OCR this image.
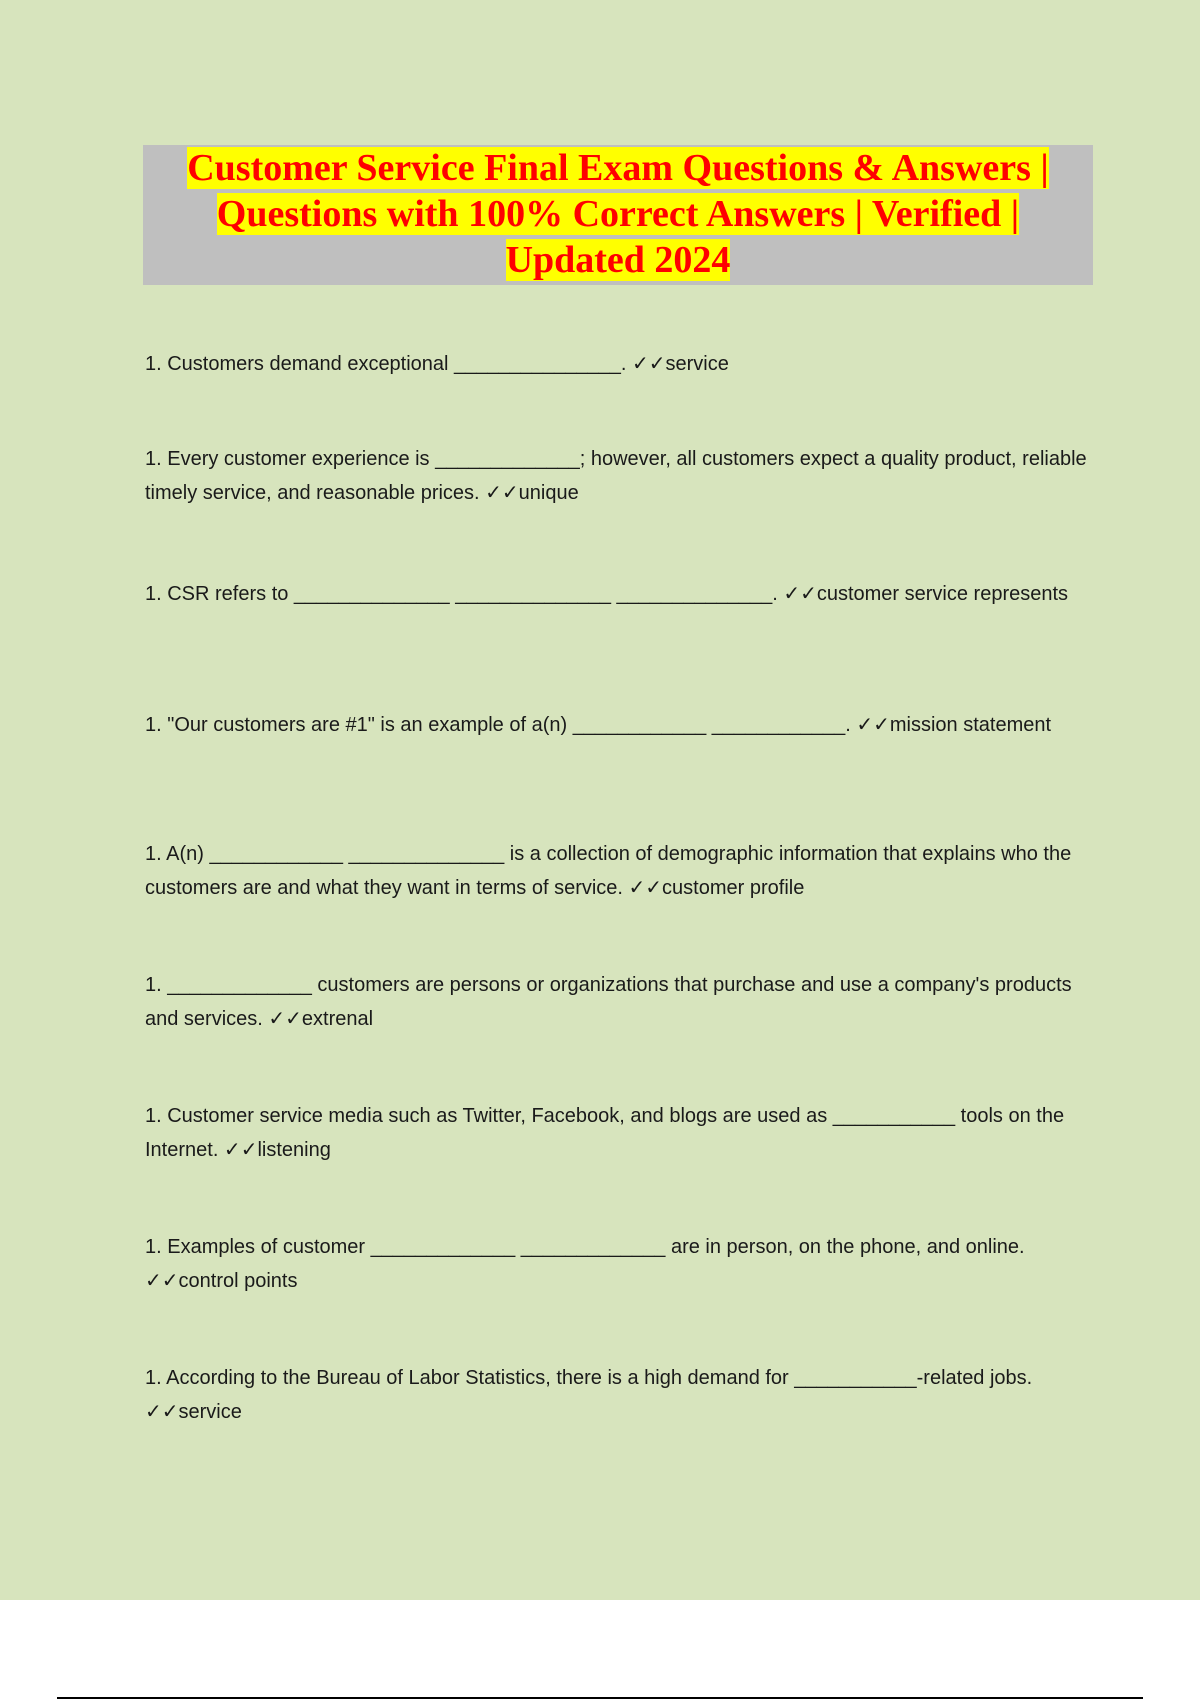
Customer Service Final Exam Questions & Answers |
Questions with 100% Correct Answers | Verified |
Updated 2024
1. Customers demand exceptional _______________. ✓✓service
1. Every customer experience is _____________; however, all customers expect a quality product, reliable timely service, and reasonable prices. ✓✓unique
1. CSR refers to ______________ ______________ ______________. ✓✓customer service represents
1. "Our customers are #1" is an example of a(n) ____________ ____________. ✓✓mission statement
1. A(n) ____________ ______________ is a collection of demographic information that explains who the customers are and what they want in terms of service. ✓✓customer profile
1. _____________ customers are persons or organizations that purchase and use a company's products and services. ✓✓extrenal
1. Customer service media such as Twitter, Facebook, and blogs are used as ___________ tools on the Internet. ✓✓listening
1. Examples of customer _____________ _____________ are in person, on the phone, and online. ✓✓control points
1. According to the Bureau of Labor Statistics, there is a high demand for ___________-related jobs. ✓✓service
